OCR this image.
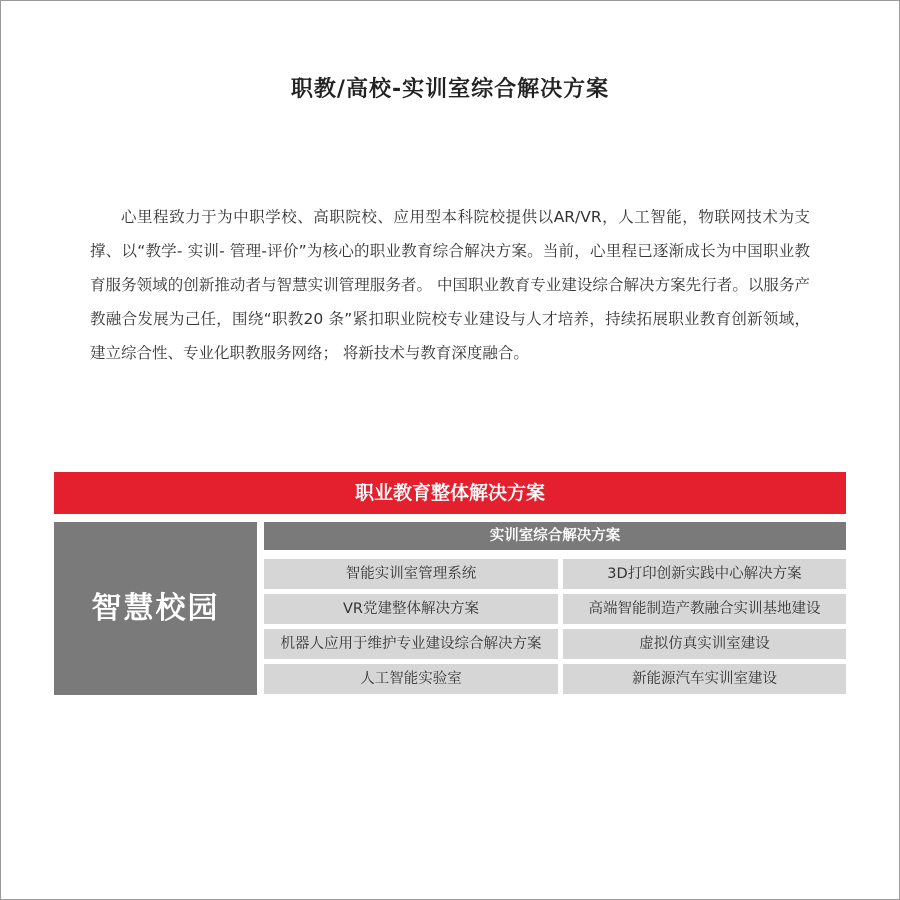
职教/高校-实训室综合解决方案
心里程致力于为中职学校、高职院校、应用型本科院校提供以AR/VR，人工智能，物联网技术为支撑、以“教学- 实训- 管理-评价”为核心的职业教育综合解决方案。当前，心里程已逐渐成长为中国职业教育服务领域的创新推动者与智慧实训管理服务者。 中国职业教育专业建设综合解决方案先行者。以服务产教融合发展为己任，围绕“职教20 条”紧扣职业院校专业建设与人才培养，持续拓展职业教育创新领域，建立综合性、专业化职教服务网络； 将新技术与教育深度融合。
职业教育整体解决方案
智慧校园
实训室综合解决方案
智能实训室管理系统	3D打印创新实践中心解决方案
VR党建整体解决方案	高端智能制造产教融合实训基地建设
机器人应用于维护专业建设综合解决方案	虚拟仿真实训室建设
人工智能实验室	新能源汽车实训室建设
